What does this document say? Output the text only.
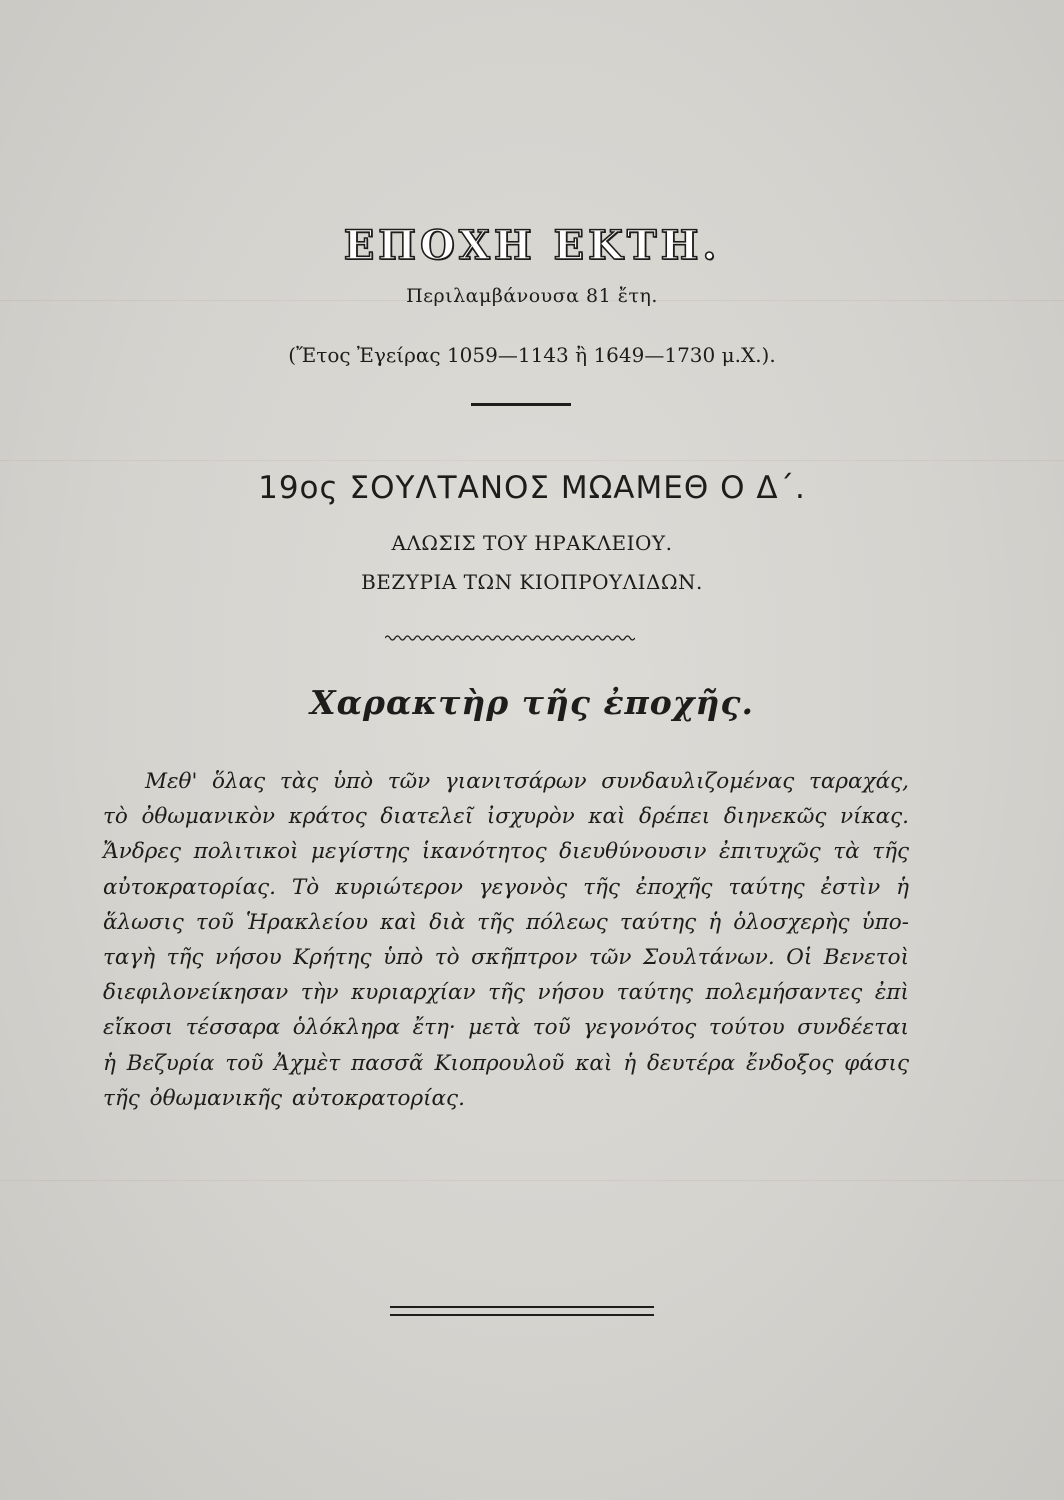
ΕΠΟΧΗ ΕΚΤΗ.
Περιλαμβάνουσα 81 ἔτη.
(Ἔτος Ἐγείρας 1059—1143 ἢ 1649—1730 μ.Χ.).
19ος ΣΟΥΛΤΑΝΟΣ ΜΩΑΜΕΘ Ο Δ΄.
ΑΛΩΣΙΣ ΤΟΥ ΗΡΑΚΛΕΙΟΥ.
ΒΕΖΥΡΙΑ ΤΩΝ ΚΙΟΠΡΟΥΛΙΔΩΝ.
Χαρακτὴρ τῆς ἐποχῆς.
Μεθ' ὅλας τὰς ὑπὸ τῶν γιανιτσάρων συνδαυλιζομένας ταραχάς, τὸ ὀθωμανικὸν κράτος διατελεῖ ἰσχυρὸν καὶ δρέπει διηνεκῶς νίκας. Ἄνδρες πολιτικοὶ μεγίστης ἱκανότητος διευθύνουσιν ἐπιτυχῶς τὰ τῆς αὐτοκρατορίας. Τὸ κυριώτερον γεγονὸς τῆς ἐποχῆς ταύτης ἐστὶν ἡ ἅλωσις τοῦ Ἡρακλείου καὶ διὰ τῆς πόλεως ταύτης ἡ ὁλοσχερὴς ὑποταγὴ τῆς νήσου Κρήτης ὑπὸ τὸ σκῆπτρον τῶν Σουλτάνων. Οἱ Βενετοὶ διεφιλονείκησαν τὴν κυριαρχίαν τῆς νήσου ταύτης πολεμήσαντες ἐπὶ εἴκοσι τέσσαρα ὁλόκληρα ἔτη· μετὰ τοῦ γεγονότος τούτου συνδέεται ἡ Βεζυρία τοῦ Ἀχμὲτ πασσᾶ Κιοπρουλοῦ καὶ ἡ δευτέρα ἔνδοξος φάσις τῆς ὀθωμανικῆς αὐτοκρατορίας.
